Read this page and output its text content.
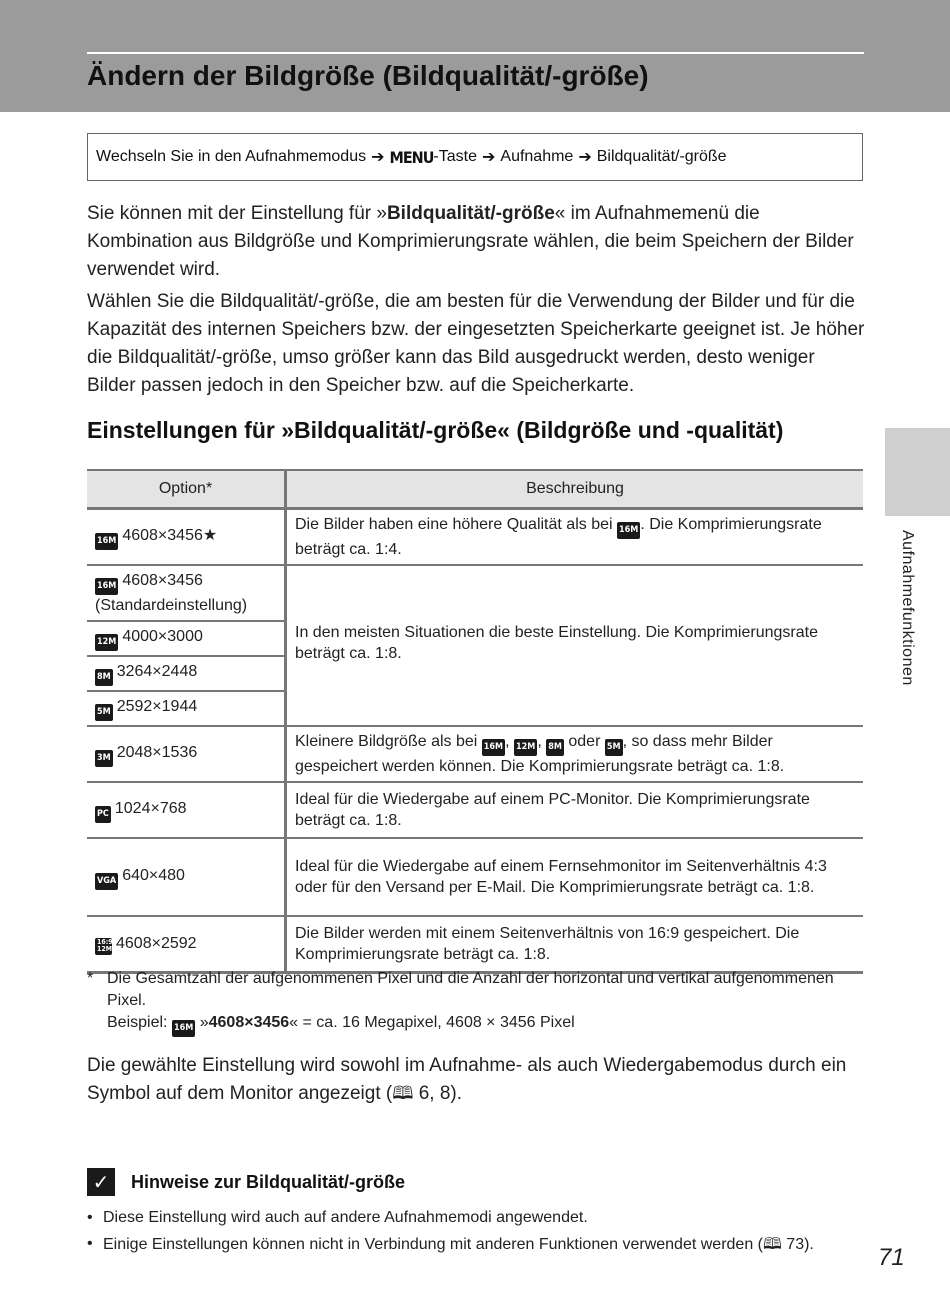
Ändern der Bildgröße (Bildqualität/-größe)
Wechseln Sie in den Aufnahmemodus ➔ MENU -Taste ➔ Aufnahme ➔ Bildqualität/-größe

Sie können mit der Einstellung für »Bildqualität/-größe« im Aufnahmemenü die Kombination aus Bildgröße und Komprimierungsrate wählen, die beim Speichern der Bilder verwendet wird.

Wählen Sie die Bildqualität/-größe, die am besten für die Verwendung der Bilder und für die Kapazität des internen Speichers bzw. der eingesetzten Speicherkarte geeignet ist. Je höher die Bildqualität/-größe, umso größer kann das Bild ausgedruckt werden, desto weniger Bilder passen jedoch in den Speicher bzw. auf die Speicherkarte.

Einstellungen für »Bildqualität/-größe« (Bildgröße und -qualität)
Aufnahmefunktionen
Option*	Beschreibung
16M 4608×3456★	Die Bilder haben eine höhere Qualität als bei 16M . Die Komprimierungsrate beträgt ca. 1:4.
16M 4608×3456
(Standardeinstellung)	In den meisten Situationen die beste Einstellung. Die Komprimierungsrate beträgt ca. 1:8.
12M 4000×3000	
8M 3264×2448	
5M 2592×1944	
3M 2048×1536	Kleinere Bildgröße als bei 16M , 12M , 8M oder 5M , so dass mehr Bilder gespeichert werden können. Die Komprimierungsrate beträgt ca. 1:8.
PC 1024×768	Ideal für die Wiedergabe auf einem PC-Monitor. Die Komprimierungsrate beträgt ca. 1:8.
VGA 640×480	Ideal für die Wiedergabe auf einem Fernsehmonitor im Seitenverhältnis 4:3 oder für den Versand per E-Mail. Die Komprimierungsrate beträgt ca. 1:8.
16:9 12M 4608×2592	Die Bilder werden mit einem Seitenverhältnis von 16:9 gespeichert. Die Komprimierungsrate beträgt ca. 1:8.
* Die Gesamtzahl der aufgenommenen Pixel und die Anzahl der horizontal und vertikal aufgenommenen Pixel.
Beispiel: 16M »4608×3456« = ca. 16 Megapixel, 4608 × 3456 Pixel

Die gewählte Einstellung wird sowohl im Aufnahme- als auch Wiedergabemodus durch ein Symbol auf dem Monitor angezeigt (🕮 6, 8).

✓	Hinweise zur Bildqualität/-größe
• Diese Einstellung wird auch auf andere Aufnahmemodi angewendet.
• Einige Einstellungen können nicht in Verbindung mit anderen Funktionen verwendet werden (🕮 73).	71
